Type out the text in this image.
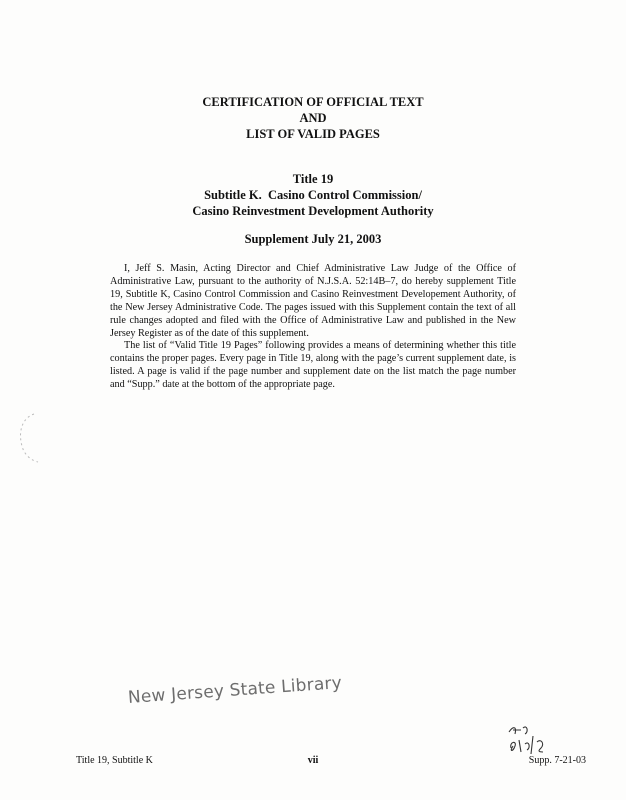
CERTIFICATION OF OFFICIAL TEXT
AND
LIST OF VALID PAGES
Title 19
Subtitle K.  Casino Control Commission/
Casino Reinvestment Development Authority
Supplement July 21, 2003

I, Jeff S. Masin, Acting Director and Chief Administrative Law Judge of the Office of Administrative Law, pursuant to the authority of N.J.S.A. 52:14B–7, do hereby supplement Title 19, Subtitle K, Casino Control Commission and Casino Reinvestment Developement Authority, of the New Jersey Administrative Code. The pages issued with this Supplement contain the text of all rule changes adopted and filed with the Office of Administrative Law and published in the New Jersey Register as of the date of this supplement.

The list of “Valid Title 19 Pages” following provides a means of determining whether this title contains the proper pages. Every page in Title 19, along with the page’s current supplement date, is listed. A page is valid if the page number and supplement date on the list match the page number and “Supp.” date at the bottom of the appropriate page.

New Jersey State Library
Title 19, Subtitle K	vii	Supp. 7-21-03
